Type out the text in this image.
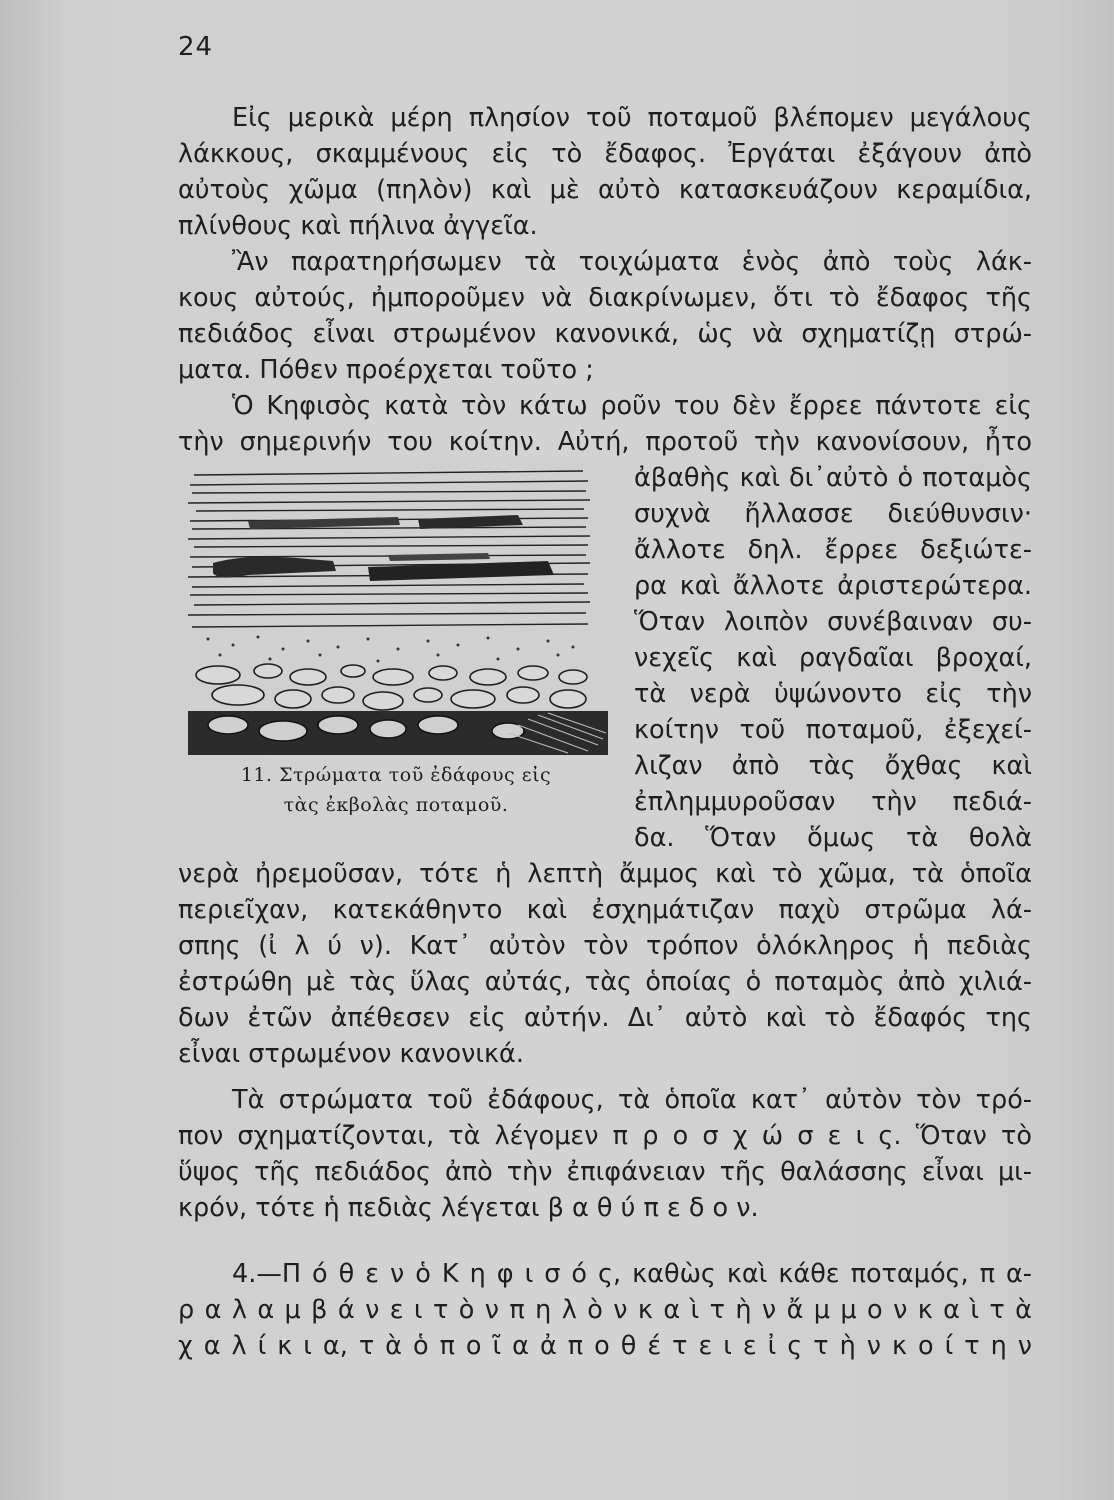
24
Εἰς μερικὰ μέρη πλησίον τοῦ ποταμοῦ βλέπομεν μεγάλους
λάκκους, σκαμμένους εἰς τὸ ἔδαφος. Ἐργάται ἐξάγουν ἀπὸ
αὐτοὺς χῶμα (πηλὸν) καὶ μὲ αὐτὸ κατασκευάζουν κεραμίδια,
πλίνθους καὶ πήλινα ἀγγεῖα.
Ἂν παρατηρήσωμεν τὰ τοιχώματα ἑνὸς ἀπὸ τοὺς λάκ-
κους αὐτούς, ἠμποροῦμεν νὰ διακρίνωμεν, ὅτι τὸ ἔδαφος τῆς
πεδιάδος εἶναι στρωμένον κανονικά, ὡς νὰ σχηματίζῃ στρώ-
ματα. Πόθεν προέρχεται τοῦτο ;
Ὁ Κηφισὸς κατὰ τὸν κάτω ροῦν του δὲν ἔρρεε πάντοτε εἰς
τὴν σημερινήν του κοίτην. Αὐτή, προτοῦ τὴν κανονίσουν, ἦτο
ἀβαθὴς καὶ δι᾿αὐτὸ ὁ ποταμὸς
συχνὰ ἤλλασσε διεύθυνσιν·
ἄλλοτε δηλ. ἔρρεε δεξιώτε-
ρα καὶ ἄλλοτε ἀριστερώτερα.
Ὅταν λοιπὸν συνέβαιναν συ-
νεχεῖς καὶ ραγδαῖαι βροχαί,
τὰ νερὰ ὑψώνοντο εἰς τὴν
κοίτην τοῦ ποταμοῦ, ἐξεχεί-
λιζαν ἀπὸ τὰς ὄχθας καὶ
ἐπλημμυροῦσαν τὴν πεδιά-
δα. Ὅταν ὅμως τὰ θολὰ
11. Στρώματα τοῦ ἐδάφους εἰς
τὰς ἐκβολὰς ποταμοῦ.
νερὰ ἠρεμοῦσαν, τότε ἡ λεπτὴ ἄμμος καὶ τὸ χῶμα, τὰ ὁποῖα
περιεῖχαν, κατεκάθηντο καὶ ἐσχημάτιζαν παχὺ στρῶμα λά-
σπης (ἰ λ ύ ν). Κατ᾿ αὐτὸν τὸν τρόπον ὁλόκληρος ἡ πεδιὰς
ἐστρώθη μὲ τὰς ὕλας αὐτάς, τὰς ὁποίας ὁ ποταμὸς ἀπὸ χιλιά-
δων ἐτῶν ἀπέθεσεν εἰς αὐτήν. Δι᾿ αὐτὸ καὶ τὸ ἔδαφός της
εἶναι στρωμένον κανονικά.
Τὰ στρώματα τοῦ ἐδάφους, τὰ ὁποῖα κατ᾿ αὐτὸν τὸν τρό-
πον σχηματίζονται, τὰ λέγομεν π ρ ο σ χ ώ σ ε ι ς. Ὅταν τὸ
ὕψος τῆς πεδιάδος ἀπὸ τὴν ἐπιφάνειαν τῆς θαλάσσης εἶναι μι-
κρόν, τότε ἡ πεδιὰς λέγεται β α θ ύ π ε δ ο ν.
4.—Π ό θ ε ν ὁ Κ η φ ι σ ό ς, καθὼς καὶ κάθε ποταμός, π α-
ρ α λ α μ β ά ν ε ι τ ὸ ν π η λ ὸ ν κ α ὶ τ ὴ ν ἄ μ μ ο ν κ α ὶ τ ὰ
χ α λ ί κ ι α, τ ὰ ὁ π ο ῖ α ἀ π ο θ έ τ ε ι ε ἰ ς τ ὴ ν κ ο ί τ η ν
